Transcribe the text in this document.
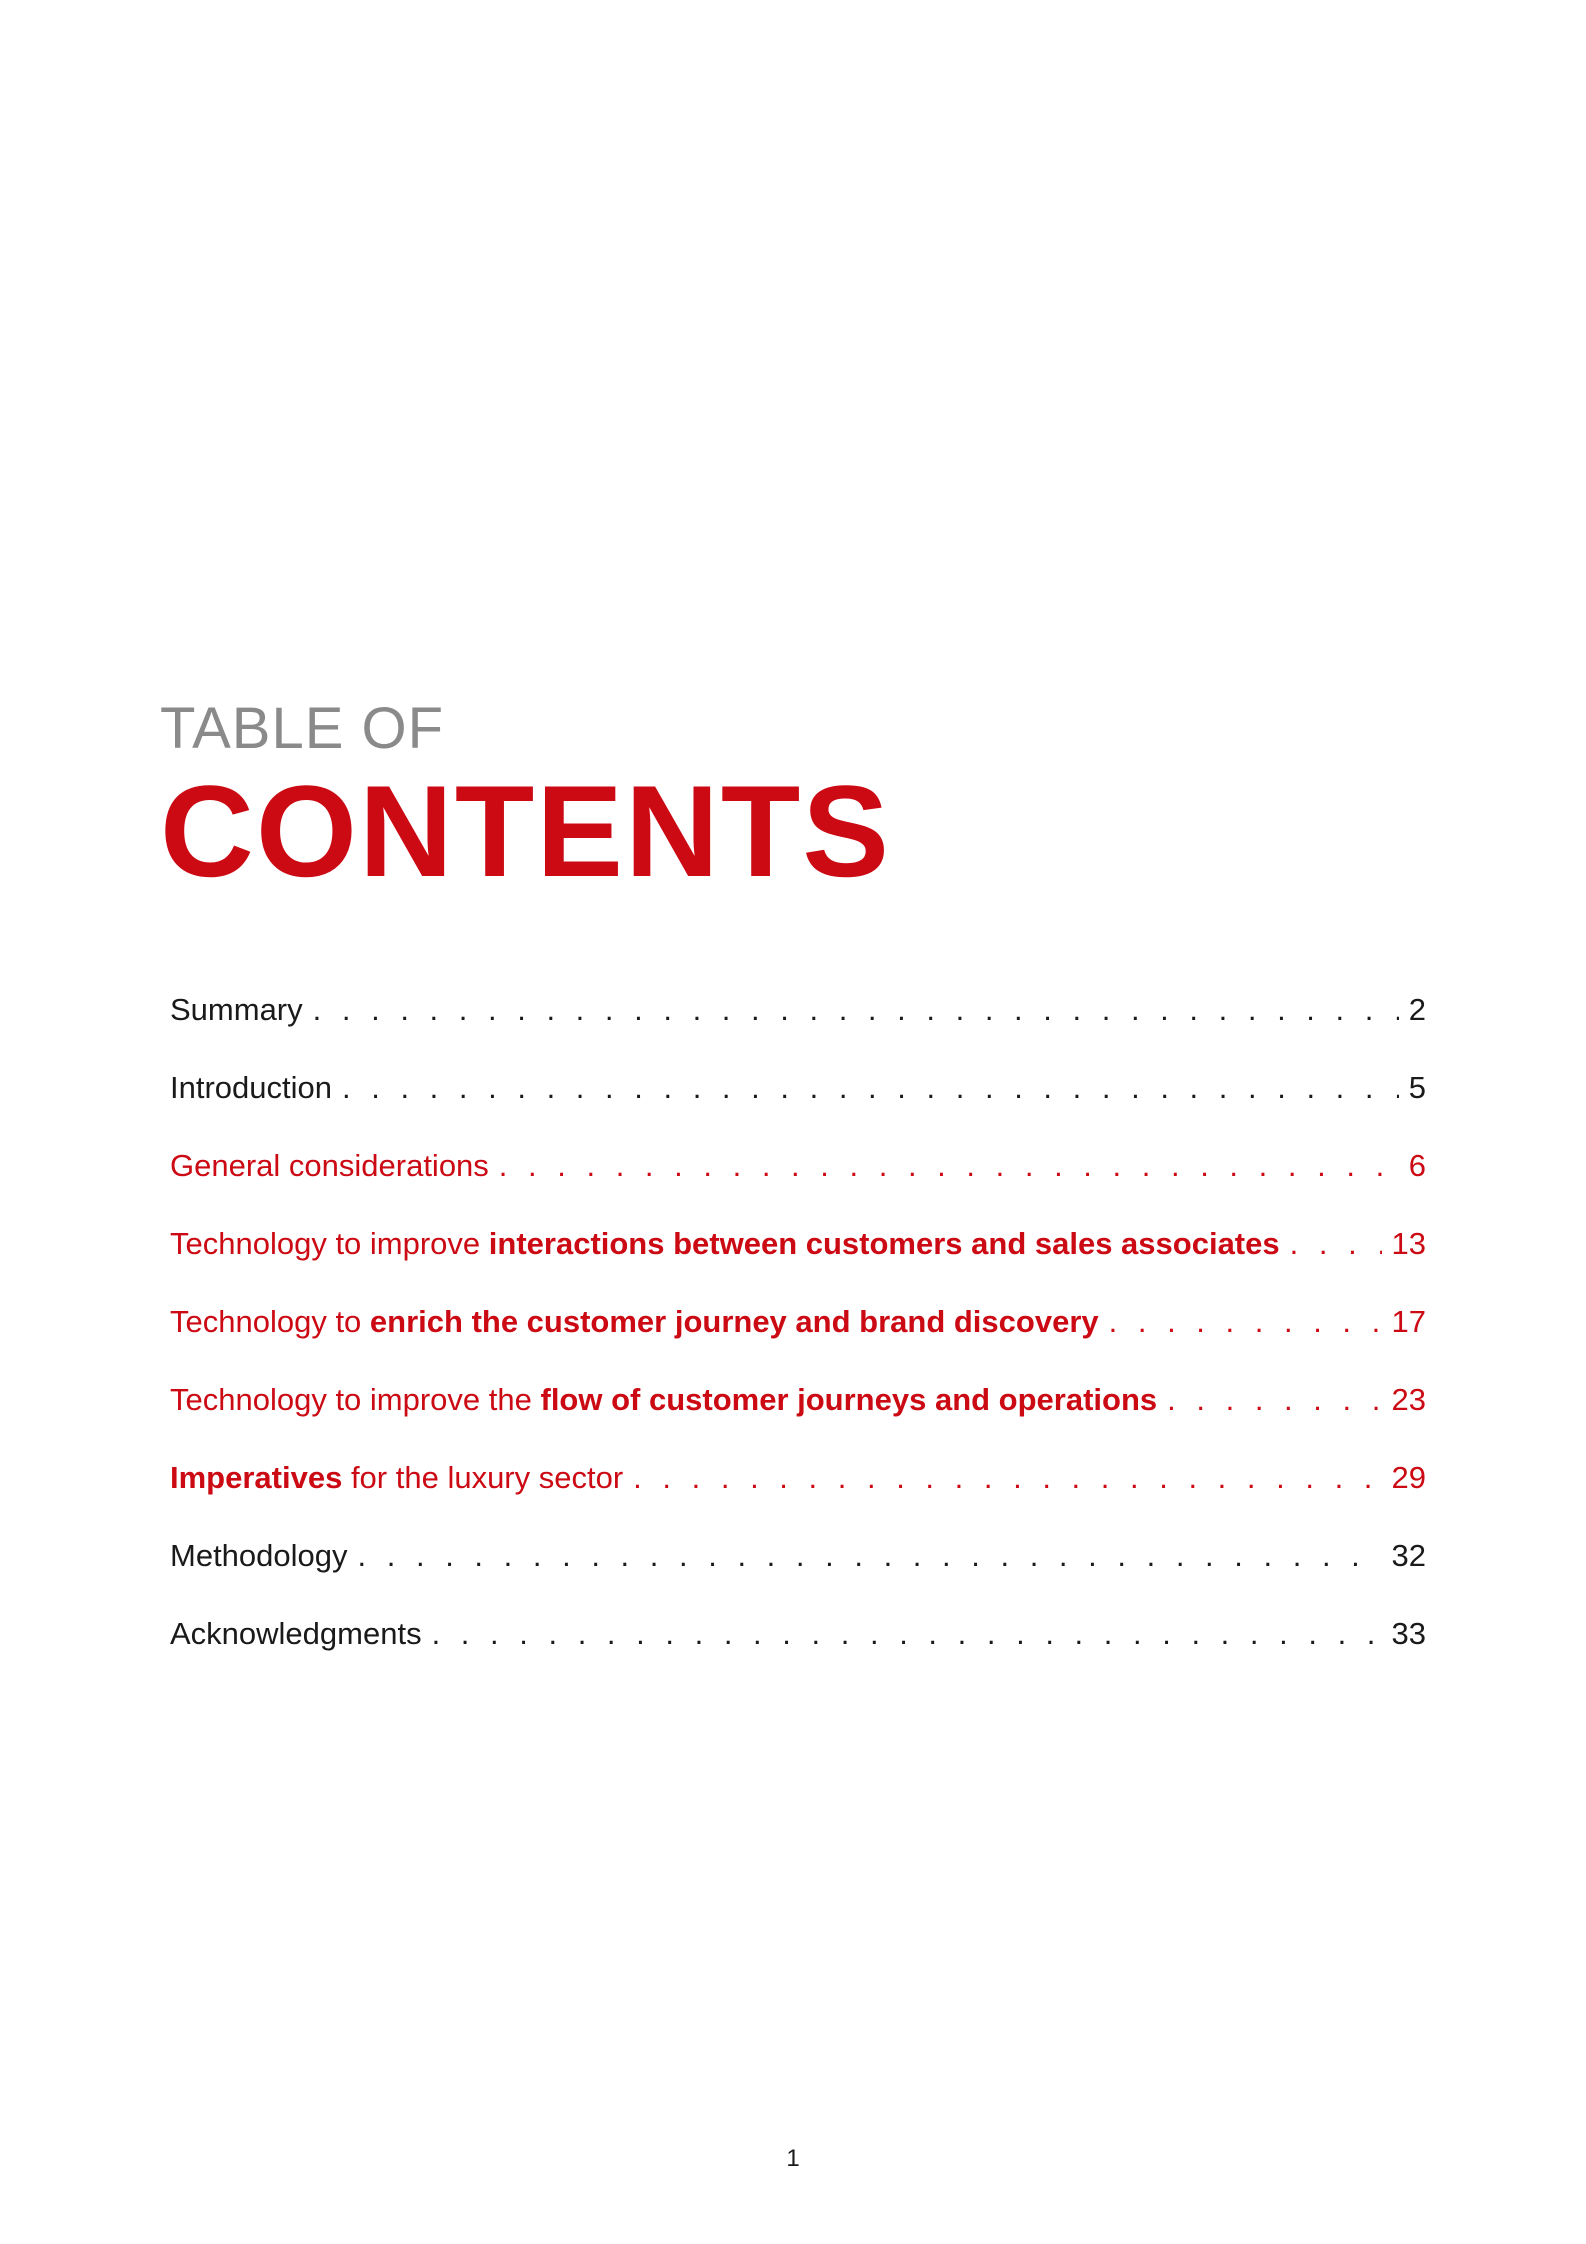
TABLE OF
CONTENTS
Summary . . .	2
Introduction . . .	5
General considerations . . .	6
Technology to improve interactions between customers and sales associates . . .	13
Technology to enrich the customer journey and brand discovery . . .	17
Technology to improve the flow of customer journeys and operations . . .	23
Imperatives for the luxury sector . . .	29
Methodology . . .	32
Acknowledgments . . .	33
1
